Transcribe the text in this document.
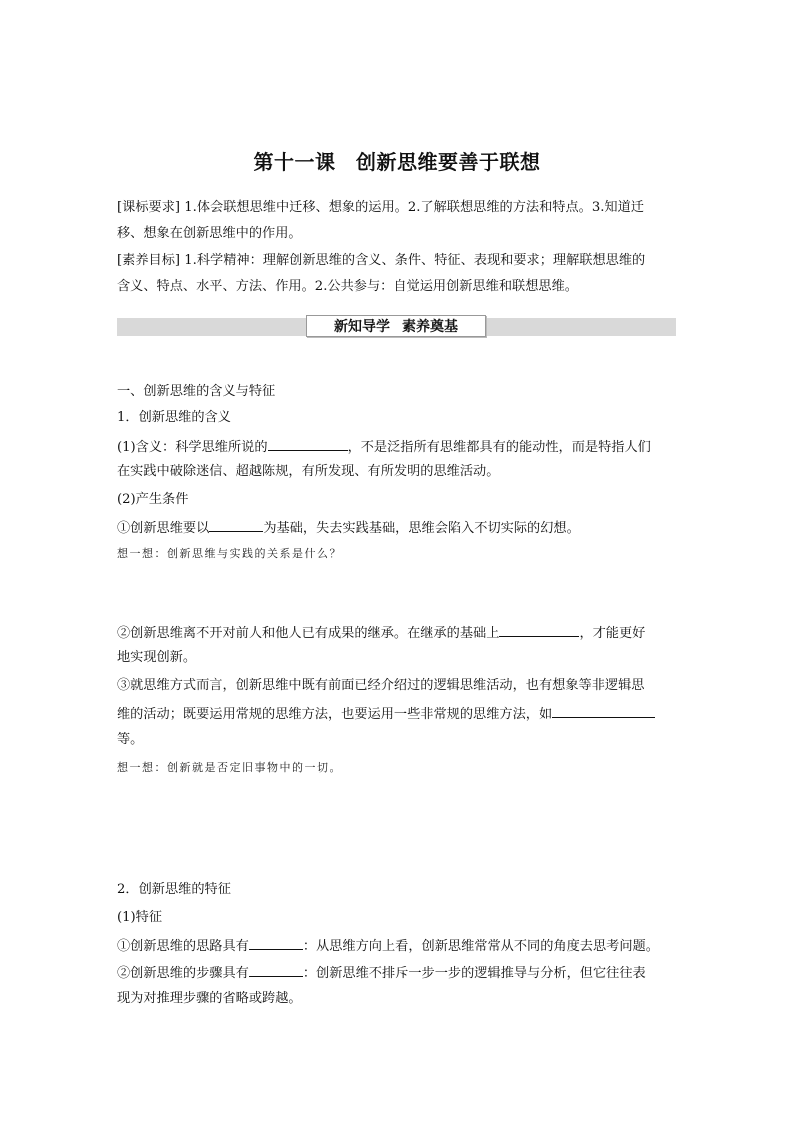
第十一课　创新思维要善于联想
[课标要求] 1.体会联想思维中迁移、想象的运用。2.了解联想思维的方法和特点。3.知道迁
移、想象在创新思维中的作用。
[素养目标] 1.科学精神：理解创新思维的含义、条件、特征、表现和要求；理解联想思维的
含义、特点、水平、方法、作用。2.公共参与：自觉运用创新思维和联想思维。
新知导学 素养奠基
一、创新思维的含义与特征
1．创新思维的含义
(1)含义：科学思维所说的	，不是泛指所有思维都具有的能动性，而是特指人们
在实践中破除迷信、超越陈规，有所发现、有所发明的思维活动。
(2)产生条件
①创新思维要以	为基础，失去实践基础，思维会陷入不切实际的幻想。
想一想：创新思维与实践的关系是什么？
②创新思维离不开对前人和他人已有成果的继承。在继承的基础上	，才能更好
地实现创新。
③就思维方式而言，创新思维中既有前面已经介绍过的逻辑思维活动，也有想象等非逻辑思
维的活动；既要运用常规的思维方法，也要运用一些非常规的思维方法，如
等。
想一想：创新就是否定旧事物中的一切。
2．创新思维的特征
(1)特征
①创新思维的思路具有	：从思维方向上看，创新思维常常从不同的角度去思考问题。
②创新思维的步骤具有	：创新思维不排斥一步一步的逻辑推导与分析，但它往往表
现为对推理步骤的省略或跨越。
